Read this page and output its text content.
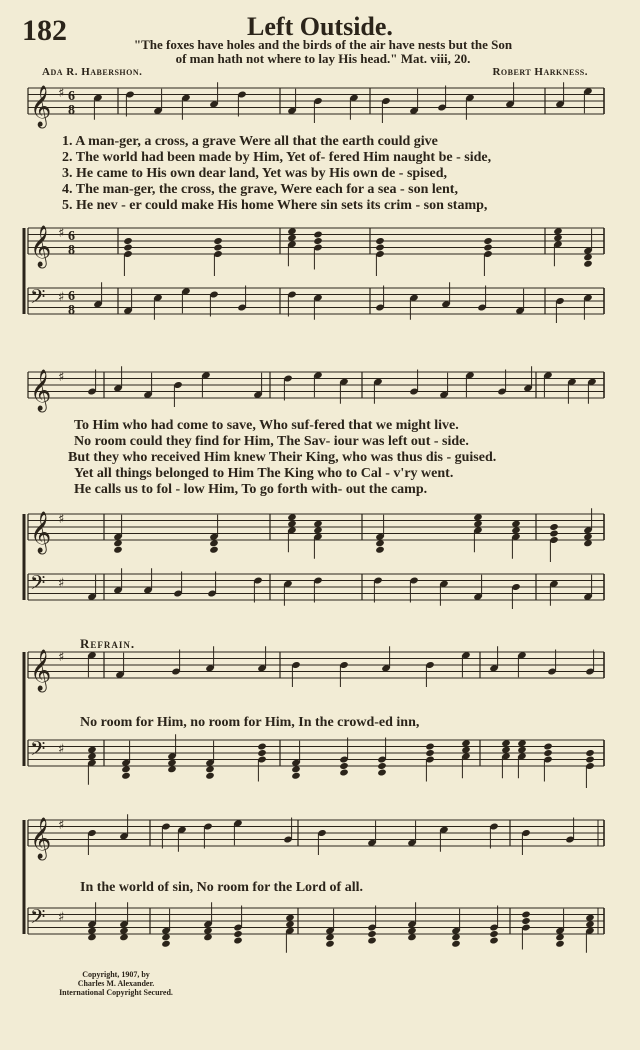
182	Left Outside.
"The foxes have holes and the birds of the air have nests but the Son
of man hath not where to lay His head." Mat. viii, 20.
Ada R. Habershon.	Robert Harkness.
𝄞 ♯ 6
8
𝄞 ♯ 6
8
𝄢 ♯ 6
8
𝄞 ♯
𝄞 ♯
𝄢 ♯
𝄞 ♯
𝄢 ♯
𝄞 ♯
𝄢 ♯
1. A man-ger, a cross, a grave Were all that the earth could give
2. The world had been made by Him, Yet of- fered Him naught be - side,
3. He came to His own dear land, Yet was by His own de - spised,
4. The man-ger, the cross, the grave, Were each for a sea - son lent,
5. He nev - er could make His home Where sin sets its crim - son stamp,
To Him who had come to save, Who suf-fered that we might live.
No room could they find for Him, The Sav- iour was left out - side.
But they who received Him knew Their King, who was thus dis - guised.
Yet all things belonged to Him The King who to Cal - v'ry went.
He calls us to fol - low Him, To go forth with- out the camp.
Refrain.
No room for Him, no room for Him, In the crowd-ed inn,
In the world of sin, No room for the Lord of all.
Copyright, 1907, by
Charles M. Alexander.
International Copyright Secured.
